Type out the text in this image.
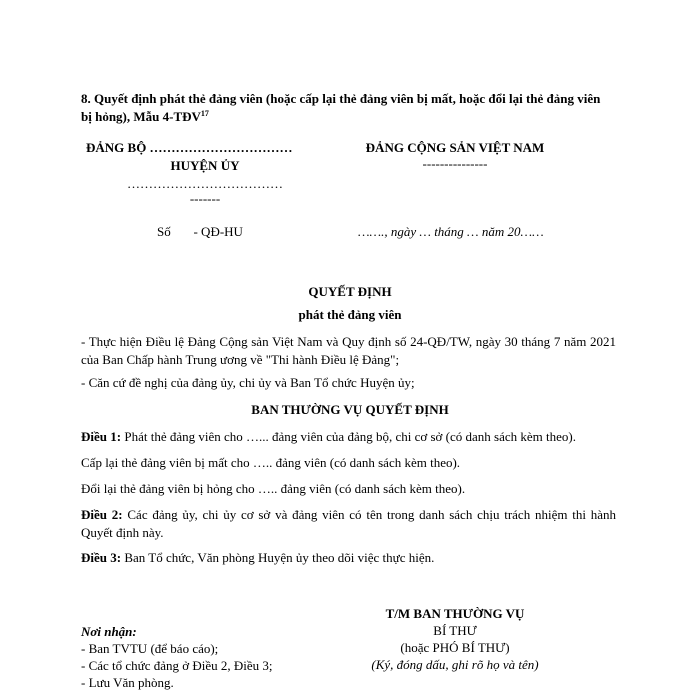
8. Quyết định phát thẻ đảng viên (hoặc cấp lại thẻ đảng viên bị mất, hoặc đổi lại thẻ đảng viên bị hỏng), Mẫu 4-TĐV$^{17}$
ĐẢNG BỘ ……………………………
HUYỆN ỦY
………………………………
-------
ĐẢNG CỘNG SẢN VIỆT NAM
---------------
Số       - QĐ-HU	……., ngày … tháng … năm 20……
QUYẾT ĐỊNH
phát thẻ đảng viên
- Thực hiện Điều lệ Đảng Cộng sản Việt Nam và Quy định số 24-QĐ/TW, ngày 30 tháng 7 năm 2021 của Ban Chấp hành Trung ương về "Thi hành Điều lệ Đảng";
- Căn cứ đề nghị của đảng ủy, chi ủy và Ban Tổ chức Huyện ủy;
BAN THƯỜNG VỤ QUYẾT ĐỊNH
Điều 1: Phát thẻ đảng viên cho …... đảng viên của đảng bộ, chi cơ sở (có danh sách kèm theo).
Cấp lại thẻ đảng viên bị mất cho ….. đảng viên (có danh sách kèm theo).
Đổi lại thẻ đảng viên bị hỏng cho ….. đảng viên (có danh sách kèm theo).
Điều 2: Các đảng ủy, chi ủy cơ sở và đảng viên có tên trong danh sách chịu trách nhiệm thi hành Quyết định này.
Điều 3: Ban Tổ chức, Văn phòng Huyện ủy theo dõi việc thực hiện.
Nơi nhận:
- Ban TVTU (để báo cáo);
- Các tổ chức đảng ở Điều 2, Điều 3;
- Lưu Văn phòng.
T/M BAN THƯỜNG VỤ
BÍ THƯ
(hoặc PHÓ BÍ THƯ)
(Ký, đóng dấu, ghi rõ họ và tên)
